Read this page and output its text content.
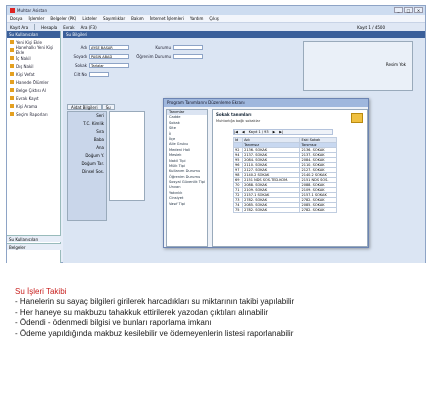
Muhtar Asistan	_	□	×
Dosya İşlemler Belgeler (PK) Listeler Sayımlıklar Bakım İnternet İşlemleri Yardım Çıkış
Kayıt Ara	Hesapla Evrak Ara (F3)	Kayıt 1 / 4500
Su Kullanıcıları
Yeni Kişi Ekle
Hanehalkı Yeni Kişi Ekle
İç Nakil
Dış Nakil
Kişi Vefat
Hanede Ölümler
Belge Çıktısı Al
Evrak Kayıt
Kişi Arama
Seçim Raporları
Su Kullanıcıları
Belgeler
Su Bilgileri
Adı	AYŞE BAŞAR	Kurumu
Soyadı	PAŞİN ABAD	Öğrenim Durumu
Sokak	Tarlalar
Cilt No
Resim Yok
Aidat Bilgileri	Su
Seri
T.C. Kimlik
Sıra
Baba
Ana
Doğum Y.
Doğum Tar.
Dinsel Sos.
Program Tanımlarını Düzenleme Ekranı
Tanımlar
Cadde
Sokak
Site
İl
İlçe
Aile Grubu
Medeni Hali
Meslek
Nakil Tipi
Mülk Tipi
Kullanım Durumu
Öğrenim Durumu
Sosyal Güvenlik Tipi
Unvan
Yakınlık
Cinsiyet
Vasıf Tipi
Sokak tanımları
Muhtarlığa bağlı sokaklar
|◀ ◀ Kayıt 1 / 93 ▶ ▶|
Id	Adı	Eski Sokak
	Tanımsız	Tanımsız
92	2136. SOKAK	2136. SOKAK
94	2137. SOKAK	2137. SOKAK
95	2084. SOKAK	2084. SOKAK
96	2110. SOKAK	2110. SOKAK
97	2127. SOKAK	2127. SOKAK
98	2140.2 SOKAK	2140.2 SOKAK
69	2151 NDS SOS.TED.KOM.	2151 NDS SOS.
70	2088. SOKAK	2088. SOKAK
71	2109. SOKAK	2109. SOKAK
72	2157.1 SOKAK	2157.1 SOKAK
73	2782. SOKAK	2782. SOKAK
74	2085. SOKAK	2085. SOKAK
75	2782. SOKAK	2782. SOKAK
Su İşleri Takibi
- Hanelerin su sayaç bilgileri girilerek harcadıkları su miktarının takibi yapılabilir
- Her haneye su makbuzu tahakkuk ettirilerek yazodan çıktıları alınabilir
- Ödendi - ödenmedi bilgisi ve bunları raporlama imkanı
- Ödeme yapıldığında makbuz kesilebilir ve ödemeyenlerin listesi raporlanabilir
